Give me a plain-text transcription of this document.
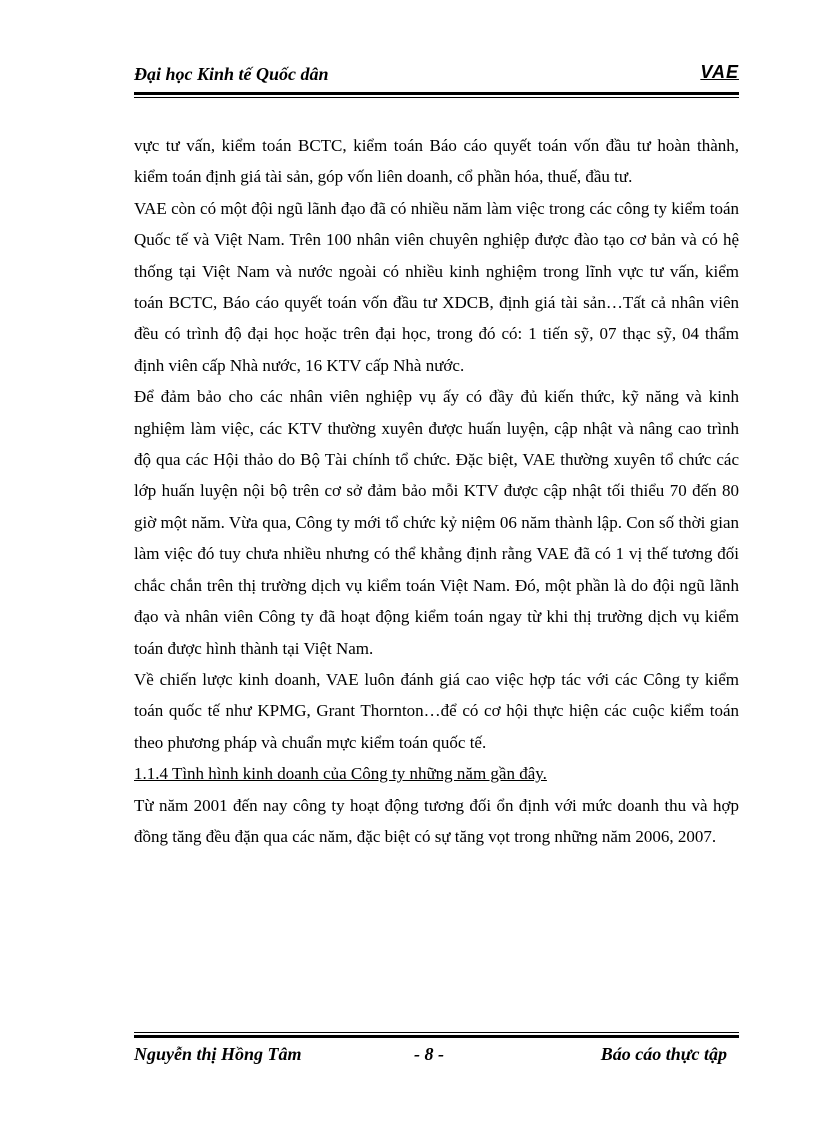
Đại học Kinh tế Quốc dân	VAE

vực tư vấn, kiểm toán BCTC, kiểm toán Báo cáo quyết toán vốn đầu tư hoàn thành, kiểm toán định giá tài sản, góp vốn liên doanh, cổ phần hóa, thuế, đầu tư.

VAE còn có một đội ngũ lãnh đạo đã có nhiều năm làm việc trong các công ty kiểm toán Quốc tế và Việt Nam. Trên 100 nhân viên chuyên nghiệp được đào tạo cơ bản và có hệ thống tại Việt Nam và nước ngoài có nhiều kinh nghiệm trong lĩnh vực tư vấn, kiểm toán BCTC, Báo cáo quyết toán vốn đầu tư XDCB, định giá tài sản…Tất cả nhân viên đều có trình độ đại học hoặc trên đại học, trong đó có: 1 tiến sỹ, 07 thạc sỹ, 04 thẩm định viên cấp Nhà nước, 16 KTV cấp Nhà nước.

Để đảm bảo cho các nhân viên nghiệp vụ ấy có đầy đủ kiến thức, kỹ năng và kinh nghiệm làm việc, các KTV thường xuyên được huấn luyện, cập nhật và nâng cao trình độ qua các Hội thảo do Bộ Tài chính tổ chức. Đặc biệt, VAE thường xuyên tổ chức các lớp huấn luyện nội bộ trên cơ sở đảm bảo mỗi KTV được cập nhật tối thiểu 70 đến 80 giờ một năm. Vừa qua, Công ty mới tổ chức kỷ niệm 06 năm thành lập. Con số thời gian làm việc đó tuy chưa nhiều nhưng có thể khẳng định rằng VAE đã có 1 vị thế tương đối chắc chắn trên thị trường dịch vụ kiểm toán Việt Nam. Đó, một phần là do đội ngũ lãnh đạo và nhân viên Công ty đã hoạt động kiểm toán ngay từ khi thị trường dịch vụ kiểm toán được hình thành tại Việt Nam.

Về chiến lược kinh doanh, VAE luôn đánh giá cao việc hợp tác với các Công ty kiểm toán quốc tế như KPMG, Grant Thornton…để có cơ hội thực hiện các cuộc kiểm toán theo phương pháp và chuẩn mực kiểm toán quốc tế.

1.1.4 Tình hình kinh doanh của Công ty những năm gần đây.

Từ năm 2001 đến nay công ty hoạt động tương đối ổn định với mức doanh thu và hợp đồng tăng đều đặn qua các năm, đặc biệt có sự tăng vọt trong những năm 2006, 2007.

Nguyễn thị Hồng Tâm	- 8 -	Báo cáo thực tập
